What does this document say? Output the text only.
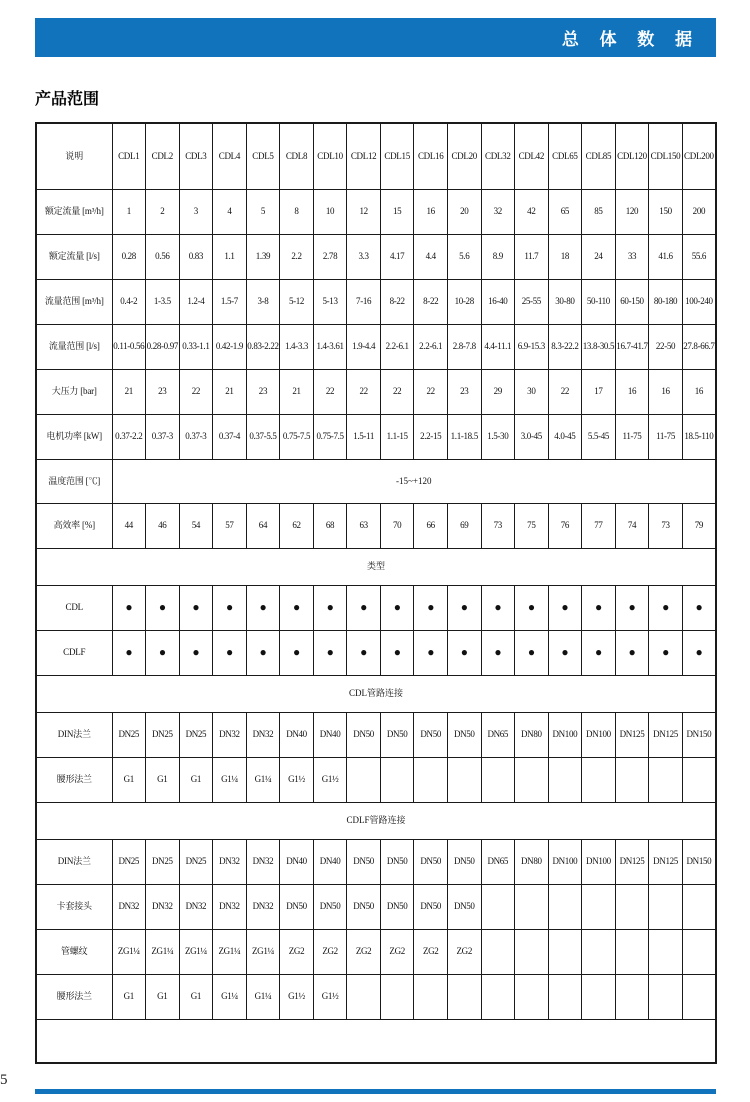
总 体 数 据
产品范围
说明	CDL1	CDL2	CDL3	CDL4	CDL5	CDL8	CDL10	CDL12	CDL15	CDL16	CDL20	CDL32	CDL42	CDL65	CDL85	CDL120	CDL150	CDL200
额定流量 [m³/h]	1	2	3	4	5	8	10	12	15	16	20	32	42	65	85	120	150	200
额定流量 [l/s]	0.28	0.56	0.83	1.1	1.39	2.2	2.78	3.3	4.17	4.4	5.6	8.9	11.7	18	24	33	41.6	55.6
流量范围 [m³/h]	0.4-2	1-3.5	1.2-4	1.5-7	3-8	5-12	5-13	7-16	8-22	8-22	10-28	16-40	25-55	30-80	50-110	60-150	80-180	100-240
流量范围 [l/s]	0.11-0.56	0.28-0.97	0.33-1.1	0.42-1.9	0.83-2.22	1.4-3.3	1.4-3.61	1.9-4.4	2.2-6.1	2.2-6.1	2.8-7.8	4.4-11.1	6.9-15.3	8.3-22.2	13.8-30.5	16.7-41.7	22-50	27.8-66.7
大压力 [bar]	21	23	22	21	23	21	22	22	22	22	23	29	30	22	17	16	16	16
电机功率 [kW]	0.37-2.2	0.37-3	0.37-3	0.37-4	0.37-5.5	0.75-7.5	0.75-7.5	1.5-11	1.1-15	2.2-15	1.1-18.5	1.5-30	3.0-45	4.0-45	5.5-45	11-75	11-75	18.5-110
温度范围 [℃]	-15~+120																	
高效率 [%]	44	46	54	57	64	62	68	63	70	66	69	73	75	76	77	74	73	79
类型																		
CDL	●	●	●	●	●	●	●	●	●	●	●	●	●	●	●	●	●	●
CDLF	●	●	●	●	●	●	●	●	●	●	●	●	●	●	●	●	●	●
CDL管路连接																		
DIN法兰	DN25	DN25	DN25	DN32	DN32	DN40	DN40	DN50	DN50	DN50	DN50	DN65	DN80	DN100	DN100	DN125	DN125	DN150
腰形法兰	G1	G1	G1	G1¼	G1¼	G1½	G1½											
CDLF管路连接																		
DIN法兰	DN25	DN25	DN25	DN32	DN32	DN40	DN40	DN50	DN50	DN50	DN50	DN65	DN80	DN100	DN100	DN125	DN125	DN150
卡套接头	DN32	DN32	DN32	DN32	DN32	DN50	DN50	DN50	DN50	DN50	DN50							
管螺纹	ZG1¼	ZG1¼	ZG1¼	ZG1¼	ZG1¼	ZG2	ZG2	ZG2	ZG2	ZG2	ZG2							
腰形法兰	G1	G1	G1	G1¼	G1¼	G1½	G1½											

5
